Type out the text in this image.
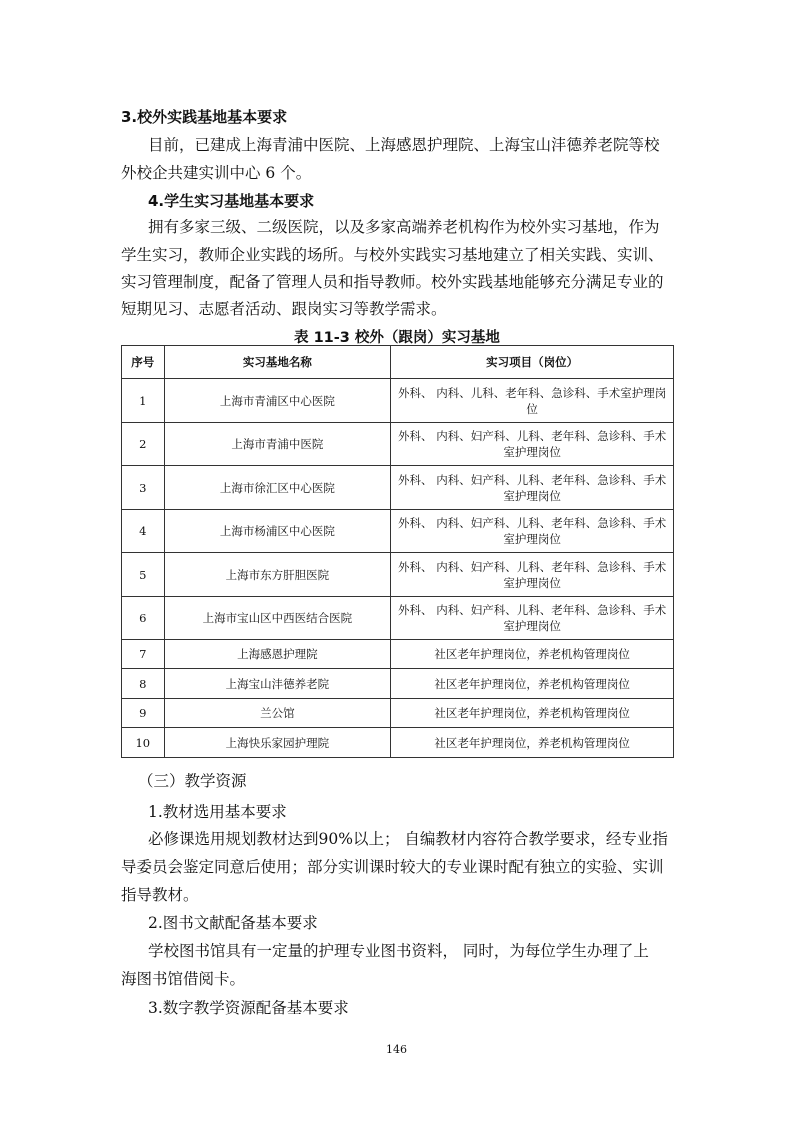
3.校外实践基地基本要求
目前，已建成上海青浦中医院、上海感恩护理院、上海宝山沣德养老院等校
外校企共建实训中心 6 个。
4.学生实习基地基本要求
拥有多家三级、二级医院，以及多家高端养老机构作为校外实习基地，作为
学生实习，教师企业实践的场所。与校外实践实习基地建立了相关实践、实训、
实习管理制度，配备了管理人员和指导教师。校外实践基地能够充分满足专业的
短期见习、志愿者活动、跟岗实习等教学需求。
表 11-3 校外（跟岗）实习基地
序号	实习基地名称	实习项目（岗位）
1	上海市青浦区中心医院	外科、 内科、儿科、老年科、急诊科、手术室护理岗
位

2	上海市青浦中医院	外科、 内科、妇产科、儿科、老年科、急诊科、手术
室护理岗位

3	上海市徐汇区中心医院	外科、 内科、妇产科、儿科、老年科、急诊科、手术
室护理岗位

4	上海市杨浦区中心医院	外科、 内科、妇产科、儿科、老年科、急诊科、手术
室护理岗位

5	上海市东方肝胆医院	外科、 内科、妇产科、儿科、老年科、急诊科、手术
室护理岗位

6	上海市宝山区中西医结合医院	外科、 内科、妇产科、儿科、老年科、急诊科、手术
室护理岗位

7	上海感恩护理院	社区老年护理岗位，养老机构管理岗位
8	上海宝山沣德养老院	社区老年护理岗位，养老机构管理岗位
9	兰公馆	社区老年护理岗位，养老机构管理岗位
10	上海快乐家园护理院	社区老年护理岗位，养老机构管理岗位
（三）教学资源
1.教材选用基本要求
必修课选用规划教材达到90%以上； 自编教材内容符合教学要求，经专业指
导委员会鉴定同意后使用；部分实训课时较大的专业课时配有独立的实验、实训
指导教材。
2.图书文献配备基本要求
学校图书馆具有一定量的护理专业图书资料， 同时，为每位学生办理了上
海图书馆借阅卡。
3.数字教学资源配备基本要求
146
